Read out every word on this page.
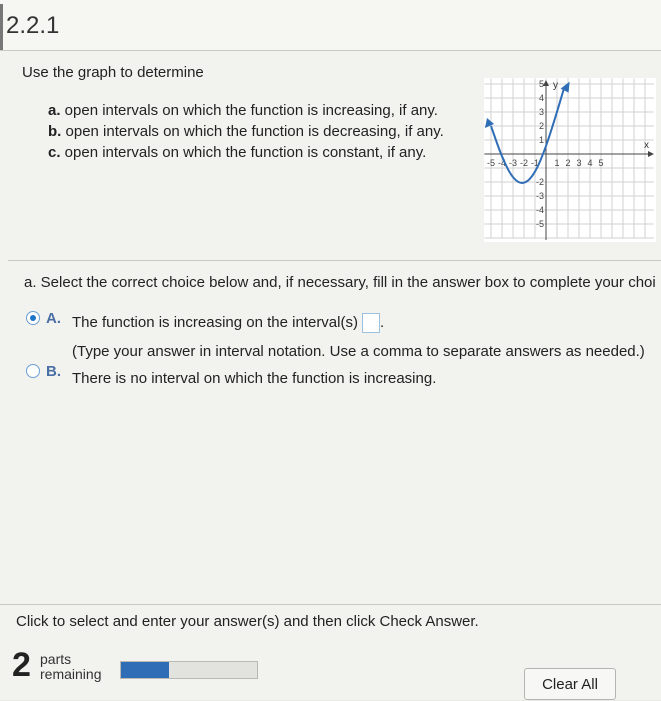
2.2.1
Use the graph to determine
a. open intervals on which the function is increasing, if any.
b. open intervals on which the function is decreasing, if any.
c. open intervals on which the function is constant, if any.
y
x
-5 -4 -3 -2 -1 1 2 3 4 5
5
4
3
2
1
-2
-3
-4
-5
a. Select the correct choice below and, if necessary, fill in the answer box to complete your choi
A. The function is increasing on the interval(s) .
(Type your answer in interval notation. Use a comma to separate answers as needed.)
B. There is no interval on which the function is increasing.
Click to select and enter your answer(s) and then click Check Answer.
2 parts
remaining
Clear All
